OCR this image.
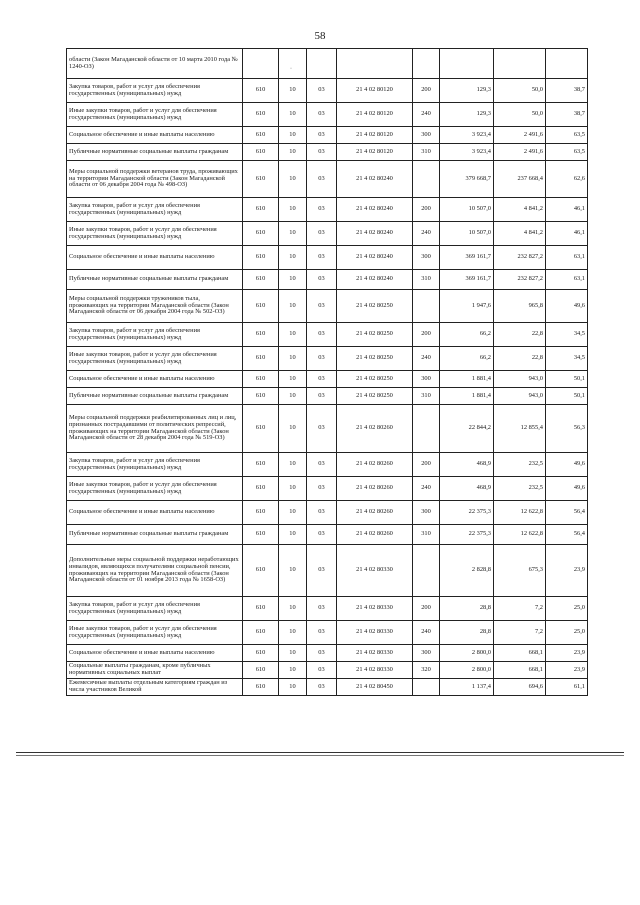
58
·
области (Закон Магаданской области от 10 марта 2010 года № 1240-ОЗ)								
Закупка товаров, работ и услуг для обеспечения государственных (муниципальных) нужд	610	10	03	21 4 02 80120	200	129,3	50,0	38,7
Иные закупки товаров, работ и услуг для обеспечения государственных (муниципальных) нужд	610	10	03	21 4 02 80120	240	129,3	50,0	38,7
Социальное обеспечение и иные выплаты населению	610	10	03	21 4 02 80120	300	3 923,4	2 491,6	63,5
Публичные нормативные социальные выплаты гражданам	610	10	03	21 4 02 80120	310	3 923,4	2 491,6	63,5
Меры социальной поддержки ветеранов труда, проживающих на территории Магаданской области (Закон Магаданской области от 06 декабря 2004 года № 498-ОЗ)	610	10	03	21 4 02 80240		379 668,7	237 668,4	62,6
Закупка товаров, работ и услуг для обеспечения государственных (муниципальных) нужд	610	10	03	21 4 02 80240	200	10 507,0	4 841,2	46,1
Иные закупки товаров, работ и услуг для обеспечения государственных (муниципальных) нужд	610	10	03	21 4 02 80240	240	10 507,0	4 841,2	46,1
Социальное обеспечение и иные выплаты населению	610	10	03	21 4 02 80240	300	369 161,7	232 827,2	63,1
Публичные нормативные социальные выплаты гражданам	610	10	03	21 4 02 80240	310	369 161,7	232 827,2	63,1
Меры социальной поддержки тружеников тыла, проживающих на территории Магаданской области (Закон Магаданской области от 06 декабря 2004 года № 502-ОЗ)	610	10	03	21 4 02 80250		1 947,6	965,8	49,6
Закупка товаров, работ и услуг для обеспечения государственных (муниципальных) нужд	610	10	03	21 4 02 80250	200	66,2	22,8	34,5
Иные закупки товаров, работ и услуг для обеспечения государственных (муниципальных) нужд	610	10	03	21 4 02 80250	240	66,2	22,8	34,5
Социальное обеспечение и иные выплаты населению	610	10	03	21 4 02 80250	300	1 881,4	943,0	50,1
Публичные нормативные социальные выплаты гражданам	610	10	03	21 4 02 80250	310	1 881,4	943,0	50,1
Меры социальной поддержки реабилитированных лиц и лиц, признанных пострадавшими от политических репрессий, проживающих на территории Магаданской области (Закон Магаданской области от 28 декабря 2004 года № 519-ОЗ)	610	10	03	21 4 02 80260		22 844,2	12 855,4	56,3
Закупка товаров, работ и услуг для обеспечения государственных (муниципальных) нужд	610	10	03	21 4 02 80260	200	468,9	232,5	49,6
Иные закупки товаров, работ и услуг для обеспечения государственных (муниципальных) нужд	610	10	03	21 4 02 80260	240	468,9	232,5	49,6
Социальное обеспечение и иные выплаты населению	610	10	03	21 4 02 80260	300	22 375,3	12 622,8	56,4
Публичные нормативные социальные выплаты гражданам	610	10	03	21 4 02 80260	310	22 375,3	12 622,8	56,4
Дополнительные меры социальной поддержки неработающих инвалидов, являющихся получателями социальной пенсии, проживающих на территории Магаданской области (Закон Магаданской области от 01 ноября 2013 года № 1658-ОЗ)	610	10	03	21 4 02 80330		2 828,8	675,3	23,9
Закупка товаров, работ и услуг для обеспечения государственных (муниципальных) нужд	610	10	03	21 4 02 80330	200	28,8	7,2	25,0
Иные закупки товаров, работ и услуг для обеспечения государственных (муниципальных) нужд	610	10	03	21 4 02 80330	240	28,8	7,2	25,0
Социальное обеспечение и иные выплаты населению	610	10	03	21 4 02 80330	300	2 800,0	668,1	23,9
Социальные выплаты гражданам, кроме публичных нормативных социальных выплат	610	10	03	21 4 02 80330	320	2 800,0	668,1	23,9
Ежемесячные выплаты отдельным категориям граждан из числа участников Великой	610	10	03	21 4 02 80450		1 137,4	694,6	61,1
